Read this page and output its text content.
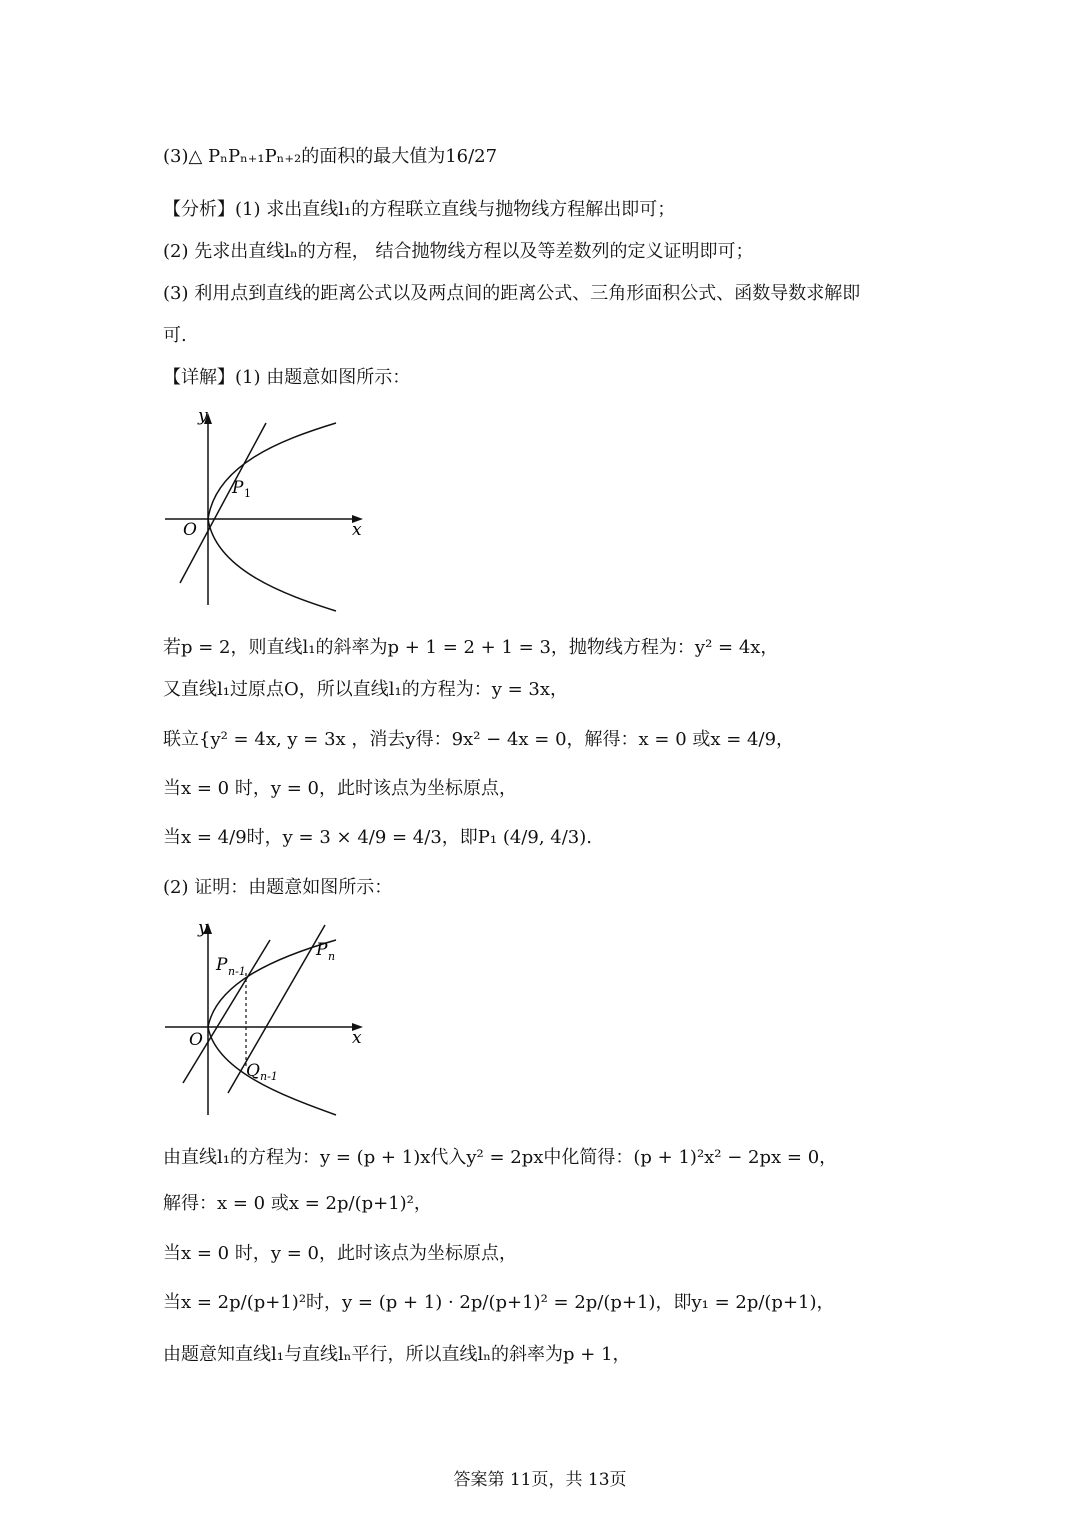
(3)△ PₙPₙ₊₁Pₙ₊₂的面积的最大值为16/27
【分析】(1) 求出直线l₁的方程联立直线与抛物线方程解出即可；
(2) 先求出直线lₙ的方程， 结合抛物线方程以及等差数列的定义证明即可；
(3) 利用点到直线的距离公式以及两点间的距离公式、三角形面积公式、函数导数求解即
可.
【详解】(1) 由题意如图所示：
y
x
O
P 1
若p = 2，则直线l₁的斜率为p + 1 = 2 + 1 = 3，抛物线方程为：y² = 4x，
又直线l₁过原点O，所以直线l₁的方程为：y = 3x，
联立{y² = 4x, y = 3x ，消去y得：9x² − 4x = 0，解得：x = 0 或x = 4/9，
当x = 0 时，y = 0，此时该点为坐标原点，
当x = 4/9时，y = 3 × 4/9 = 4/3，即P₁ (4/9, 4/3).
(2) 证明：由题意如图所示：
y
x
O
P n-1
P n
Q n-1
由直线l₁的方程为：y = (p + 1)x代入y² = 2px中化简得：(p + 1)²x² − 2px = 0，
解得：x = 0 或x = 2p/(p+1)²，
当x = 0 时，y = 0，此时该点为坐标原点，
当x = 2p/(p+1)²时，y = (p + 1) · 2p/(p+1)² = 2p/(p+1)，即y₁ = 2p/(p+1)，
由题意知直线l₁与直线lₙ平行，所以直线lₙ的斜率为p + 1，
答案第 11页，共 13页
